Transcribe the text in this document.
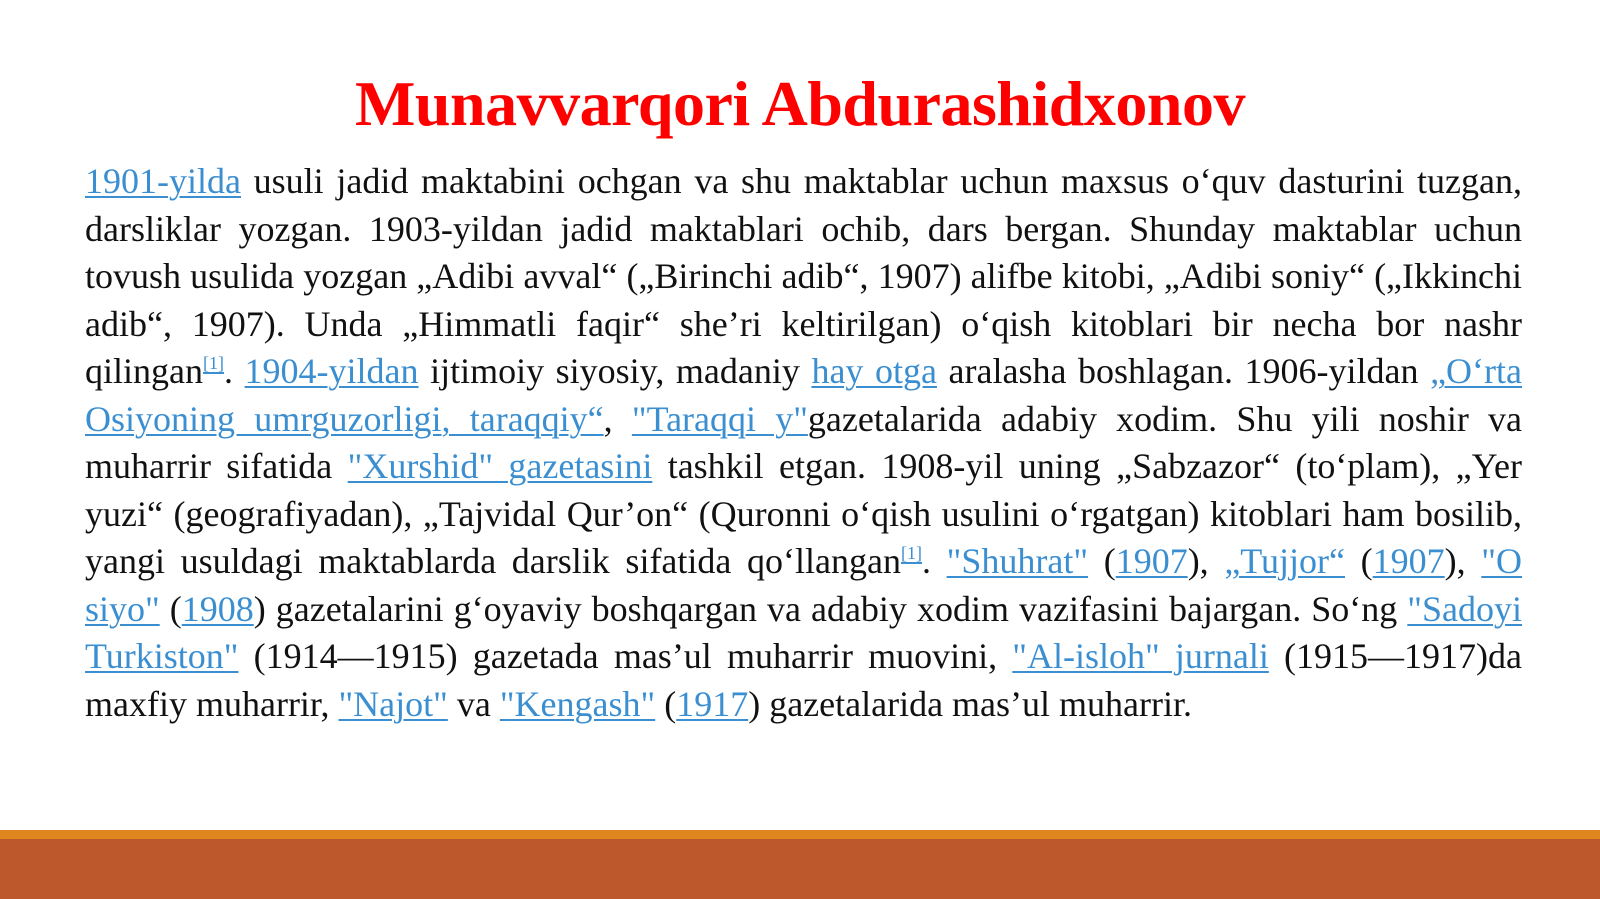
Munavvarqori Abdurashidxonov

1901-yilda usuli jadid maktabini ochgan va shu maktablar uchun maxsus o‘quv dasturini tuzgan, darsliklar yozgan. 1903-yildan jadid maktablari ochib, dars bergan. Shunday maktablar uchun tovush usulida yozgan „Adibi avval“ („Birinchi adib“, 1907) alifbe kitobi, „Adibi soniy“ („Ikkinchi adib“, 1907). Unda „Himmatli faqir“ she’ri keltirilgan) o‘qish kitoblari bir necha bor nashr qilingan[1]. 1904-yildan ijtimoiy siyosiy, madaniy hay otga aralasha boshlagan. 1906-yildan „O‘rta Osiyoning umrguzorligi, taraqqiy“, "Taraqqi y"gazetalarida adabiy xodim. Shu yili noshir va muharrir sifatida "Xurshid" gazetasini tashkil etgan. 1908-yil uning „Sabzazor“ (to‘plam), „Yer yuzi“ (geografiyadan), „Tajvidal Qur’on“ (Quronni o‘qish usulini o‘rgatgan) kitoblari ham bosilib, yangi usuldagi maktablarda darslik sifatida qo‘llangan[1]. "Shuhrat" (1907), „Tujjor“ (1907), "O siyo" (1908) gazetalarini g‘oyaviy boshqargan va adabiy xodim vazifasini bajargan. So‘ng "Sadoyi Turkiston" (1914—1915) gazetada mas’ul muharrir muovini, "Al-isloh" jurnali (1915—1917)da maxfiy muharrir, "Najot" va "Kengash" (1917) gazetalarida mas’ul muharrir.
